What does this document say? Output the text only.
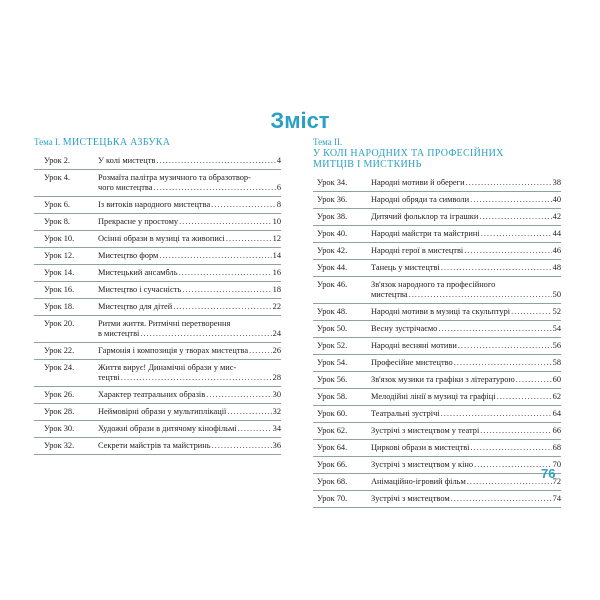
Зміст
Тема I. МИСТЕЦЬКА АЗБУКА
Урок 2.	У колі мистецтв .....	4
Урок 4.	Розмаїта палітра музичного та образотвор-
чого мистецтва .....	6
Урок 6.	Із витоків народного мистецтва .....	8
Урок 8.	Прекрасне у простому .....	10
Урок 10.	Осінні образи в музиці та живописі .....	12
Урок 12.	Мистецтво форм .....	14
Урок 14.	Мистецький ансамбль .....	16
Урок 16.	Мистецтво і сучасність .....	18
Урок 18.	Мистецтво для дітей .....	22
Урок 20.	Ритми життя. Ритмічні перетворення
в мистецтві .....	24
Урок 22.	Гармонія і композиція у творах мистецтва .....	26
Урок 24.	Життя вирує! Динамічні образи у мис-
тецтві .....	28
Урок 26.	Характер театральних образів .....	30
Урок 28.	Неймовірні образи у мультиплікації .....	32
Урок 30.	Художні образи в дитячому кінофільмі .....	34
Урок 32.	Секрети майстрів та майстринь .....	36
Тема II. У КОЛІ НАРОДНИХ ТА ПРОФЕСІЙНИХ МИТЦІВ І МИСТКИНЬ
Урок 34.	Народні мотиви й обереги .....	38
Урок 36.	Народні обряди та символи .....	40
Урок 38.	Дитячий фольклор та іграшки .....	42
Урок 40.	Народні майстри та майстрині .....	44
Урок 42.	Народні герої в мистецтві .....	46
Урок 44.	Танець у мистецтві .....	48
Урок 46.	Зв'язок народного та професійного
мистецтва .....	50
Урок 48.	Народні мотиви в музиці та скульптурі .....	52
Урок 50.	Весну зустрічаємо .....	54
Урок 52.	Народні весняні мотиви .....	56
Урок 54.	Професійне мистецтво .....	58
Урок 56.	Зв'язок музики та графіки з літературою .....	60
Урок 58.	Мелодійні лінії в музиці та графіці .....	62
Урок 60.	Театральні зустрічі .....	64
Урок 62.	Зустрічі з мистецтвом у театрі .....	66
Урок 64.	Циркові образи в мистецтві .....	68
Урок 66.	Зустрічі з мистецтвом у кіно .....	70
Урок 68.	Анімаційно-ігровий фільм .....	72
Урок 70.	Зустрічі з мистецтвом .....	74
76
